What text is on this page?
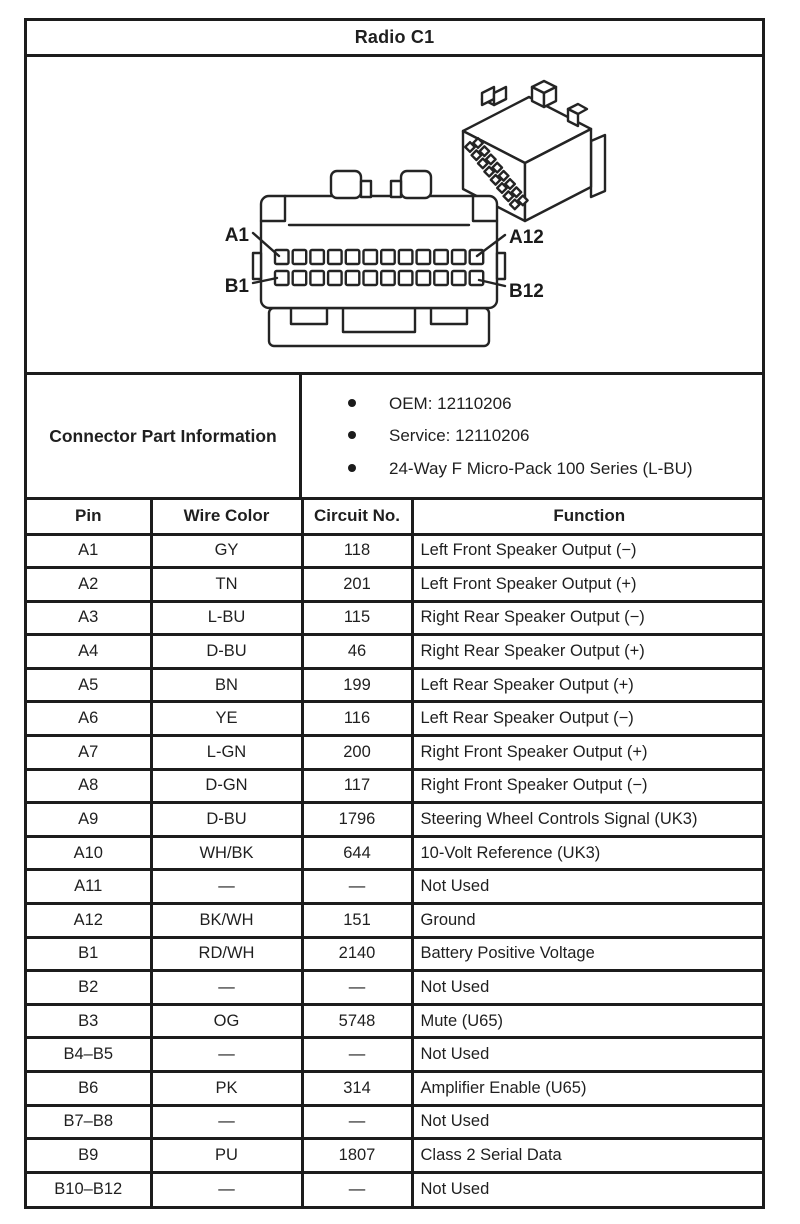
Radio C1
A1	A12
B1	B12
Connector Part Information
OEM: 12110206
Service: 12110206
24-Way F Micro-Pack 100 Series (L-BU)
Pin	Wire Color	Circuit No.	Function
A1	GY	118	Left Front Speaker Output (−)
A2	TN	201	Left Front Speaker Output (+)
A3	L-BU	115	Right Rear Speaker Output (−)
A4	D-BU	46	Right Rear Speaker Output (+)
A5	BN	199	Left Rear Speaker Output (+)
A6	YE	116	Left Rear Speaker Output (−)
A7	L-GN	200	Right Front Speaker Output (+)
A8	D-GN	117	Right Front Speaker Output (−)
A9	D-BU	1796	Steering Wheel Controls Signal (UK3)
A10	WH/BK	644	10-Volt Reference (UK3)
A11	—	—	Not Used
A12	BK/WH	151	Ground
B1	RD/WH	2140	Battery Positive Voltage
B2	—	—	Not Used
B3	OG	5748	Mute (U65)
B4–B5	—	—	Not Used
B6	PK	314	Amplifier Enable (U65)
B7–B8	—	—	Not Used
B9	PU	1807	Class 2 Serial Data
B10–B12	—	—	Not Used
